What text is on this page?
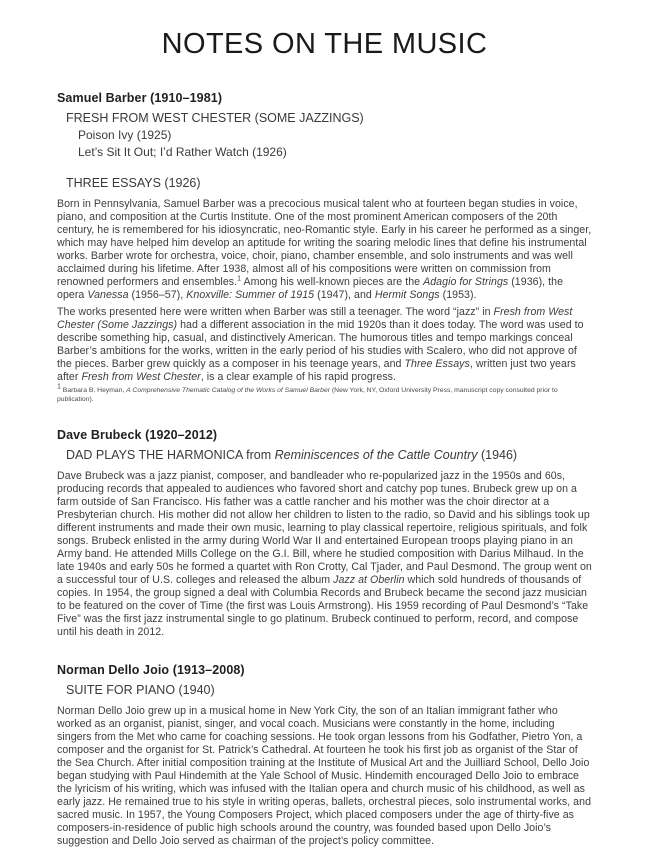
NOTES ON THE MUSIC
Samuel Barber (1910–1981)
FRESH FROM WEST CHESTER (SOME JAZZINGS)
Poison Ivy (1925)
Let’s Sit It Out; I’d Rather Watch (1926)
THREE ESSAYS (1926)

Born in Pennsylvania, Samuel Barber was a precocious musical talent who at fourteen began studies in voice, piano, and composition at the Curtis Institute. One of the most prominent American composers of the 20th century, he is remembered for his idiosyncratic, neo-Romantic style. Early in his career he performed as a singer, which may have helped him develop an aptitude for writing the soaring melodic lines that define his instrumental works. Barber wrote for orchestra, voice, choir, piano, chamber ensemble, and solo instruments and was well acclaimed during his lifetime. After 1938, almost all of his compositions were written on commission from renowned performers and ensembles.$^1$ Among his well-known pieces are the Adagio for Strings (1936), the opera Vanessa (1956–57), Knoxville: Summer of 1915 (1947), and Hermit Songs (1953).

The works presented here were written when Barber was still a teenager. The word “jazz” in Fresh from West Chester (Some Jazzings) had a different association in the mid 1920s than it does today. The word was used to describe something hip, casual, and distinctively American. The humorous titles and tempo markings conceal Barber’s ambitions for the works, written in the early period of his studies with Scalero, who did not approve of the pieces. Barber grew quickly as a composer in his teenage years, and Three Essays, written just two years after Fresh from West Chester, is a clear example of his rapid progress.

$^1$ Barbara B. Heyman, A Comprehensive Thematic Catalog of the Works of Samuel Barber (New York, NY, Oxford University Press, manuscript copy consulted prior to publication).

Dave Brubeck (1920–2012)
DAD PLAYS THE HARMONICA from Reminiscences of the Cattle Country (1946)

Dave Brubeck was a jazz pianist, composer, and bandleader who re-popularized jazz in the 1950s and 60s, producing records that appealed to audiences who favored short and catchy pop tunes. Brubeck grew up on a farm outside of San Francisco. His father was a cattle rancher and his mother was the choir director at a Presbyterian church. His mother did not allow her children to listen to the radio, so David and his siblings took up different instruments and made their own music, learning to play classical repertoire, religious spirituals, and folk songs. Brubeck enlisted in the army during World War II and entertained European troops playing piano in an Army band. He attended Mills College on the G.I. Bill, where he studied composition with Darius Milhaud. In the late 1940s and early 50s he formed a quartet with Ron Crotty, Cal Tjader, and Paul Desmond. The group went on a successful tour of U.S. colleges and released the album Jazz at Oberlin which sold hundreds of thousands of copies. In 1954, the group signed a deal with Columbia Records and Brubeck became the second jazz musician to be featured on the cover of Time (the first was Louis Armstrong). His 1959 recording of Paul Desmond’s “Take Five” was the first jazz instrumental single to go platinum. Brubeck continued to perform, record, and compose until his death in 2012.

Norman Dello Joio (1913–2008)
SUITE FOR PIANO (1940)

Norman Dello Joio grew up in a musical home in New York City, the son of an Italian immigrant father who worked as an organist, pianist, singer, and vocal coach. Musicians were constantly in the home, including singers from the Met who came for coaching sessions. He took organ lessons from his Godfather, Pietro Yon, a composer and the organist for St. Patrick’s Cathedral. At fourteen he took his first job as organist of the Star of the Sea Church. After initial composition training at the Institute of Musical Art and the Juilliard School, Dello Joio began studying with Paul Hindemith at the Yale School of Music. Hindemith encouraged Dello Joio to embrace the lyricism of his writing, which was infused with the Italian opera and church music of his childhood, as well as early jazz. He remained true to his style in writing operas, ballets, orchestral pieces, solo instrumental works, and sacred music. In 1957, the Young Composers Project, which placed composers under the age of thirty-five as composers-in-residence of public high schools around the country, was founded based upon Dello Joio’s suggestion and Dello Joio served as chairman of the project’s policy committee.
